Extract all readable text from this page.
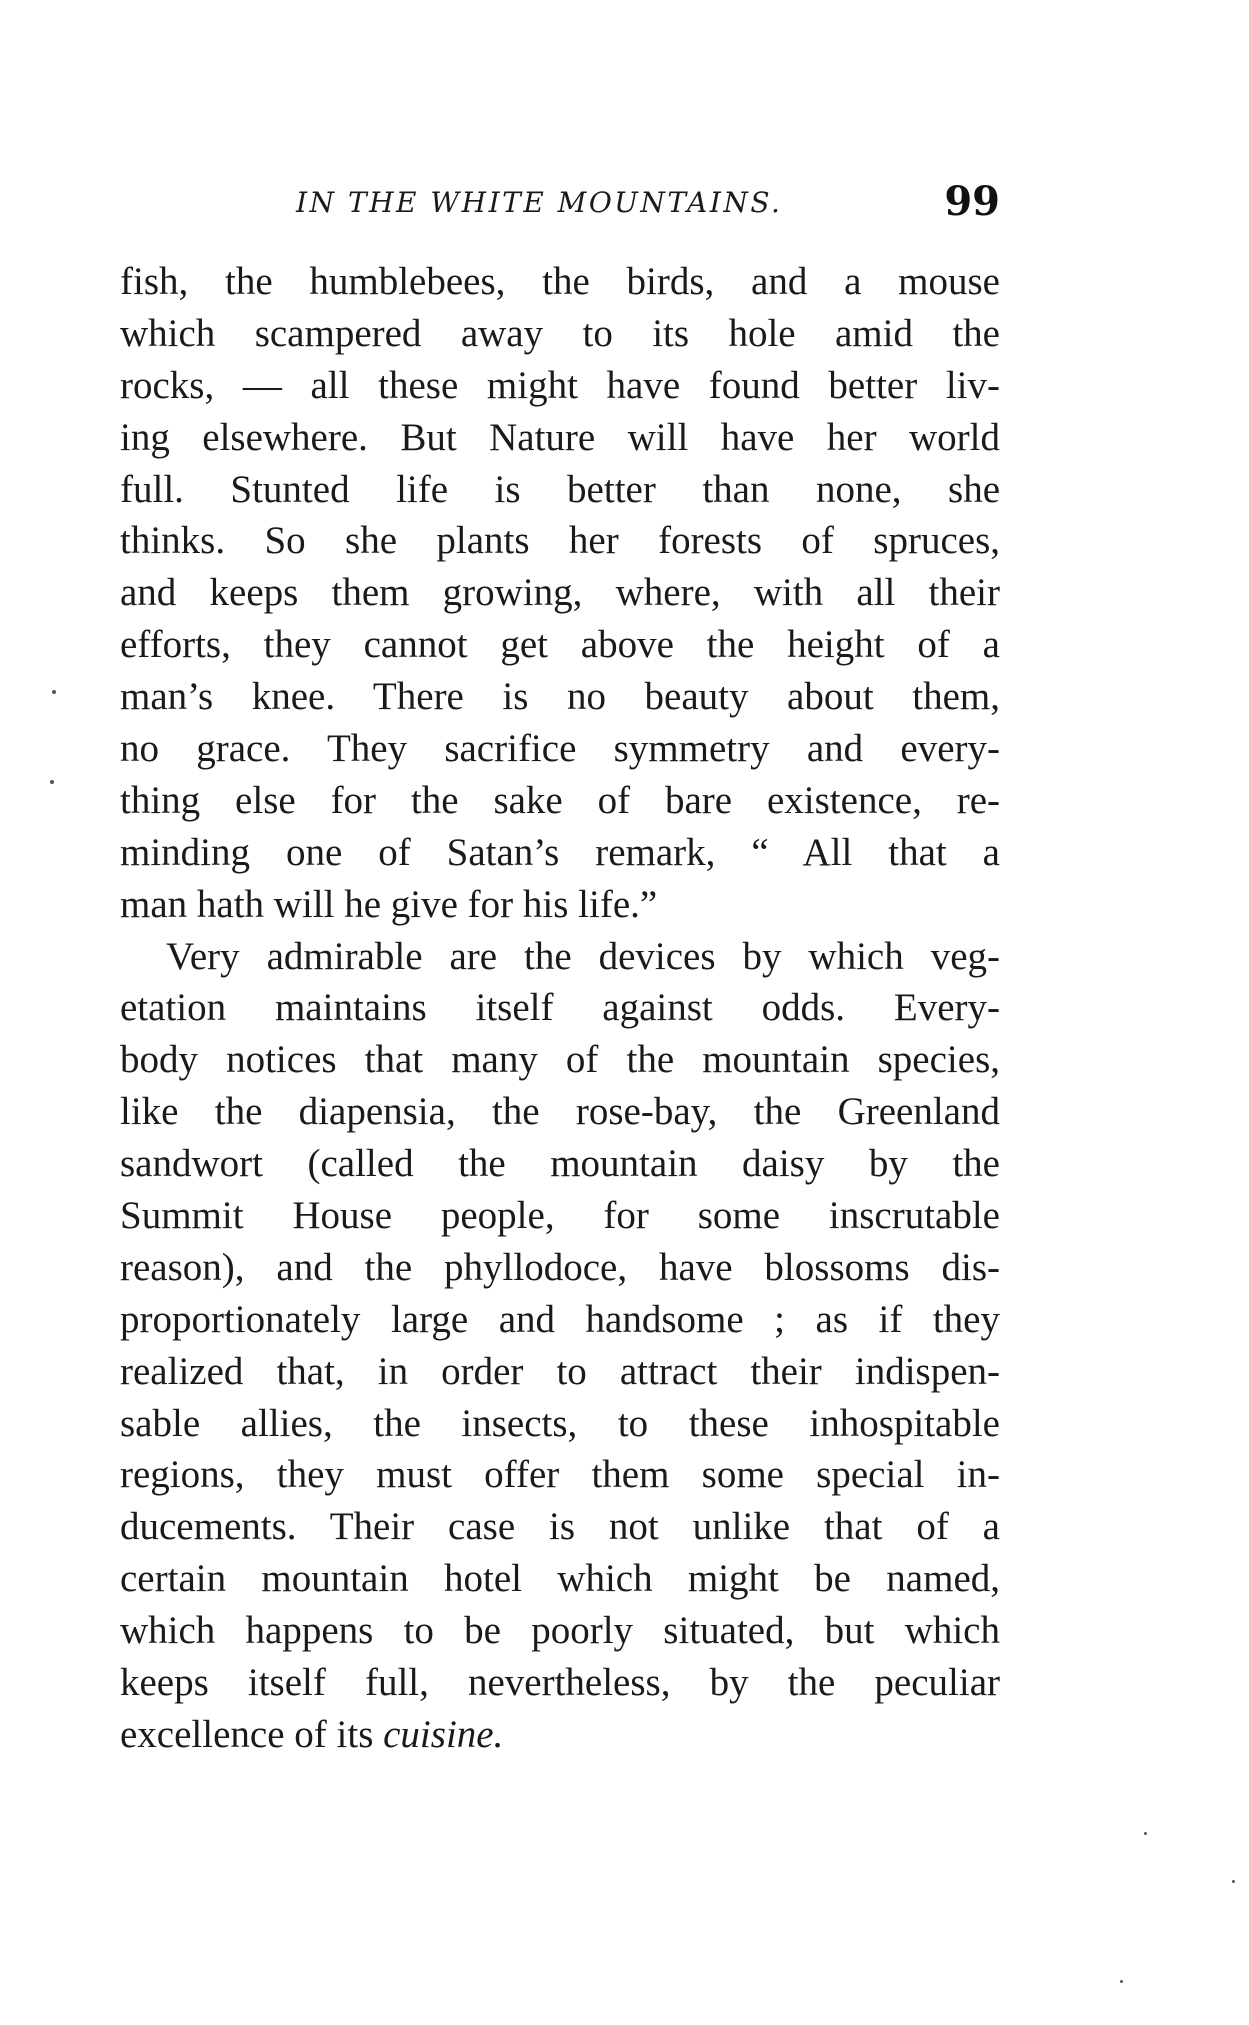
IN THE WHITE MOUNTAINS.	99
fish, the humblebees, the birds, and a mouse
which scampered away to its hole amid the
rocks, — all these might have found better liv-
ing elsewhere. But Nature will have her world
full. Stunted life is better than none, she
thinks. So she plants her forests of spruces,
and keeps them growing, where, with all their
efforts, they cannot get above the height of a
man’s knee. There is no beauty about them,
no grace. They sacrifice symmetry and every-
thing else for the sake of bare existence, re-
minding one of Satan’s remark, “ All that a
man hath will he give for his life.”
Very admirable are the devices by which veg-
etation maintains itself against odds. Every-
body notices that many of the mountain species,
like the diapensia, the rose-bay, the Greenland
sandwort (called the mountain daisy by the
Summit House people, for some inscrutable
reason), and the phyllodoce, have blossoms dis-
proportionately large and handsome ; as if they
realized that, in order to attract their indispen-
sable allies, the insects, to these inhospitable
regions, they must offer them some special in-
ducements. Their case is not unlike that of a
certain mountain hotel which might be named,
which happens to be poorly situated, but which
keeps itself full, nevertheless, by the peculiar
excellence of its cuisine.
